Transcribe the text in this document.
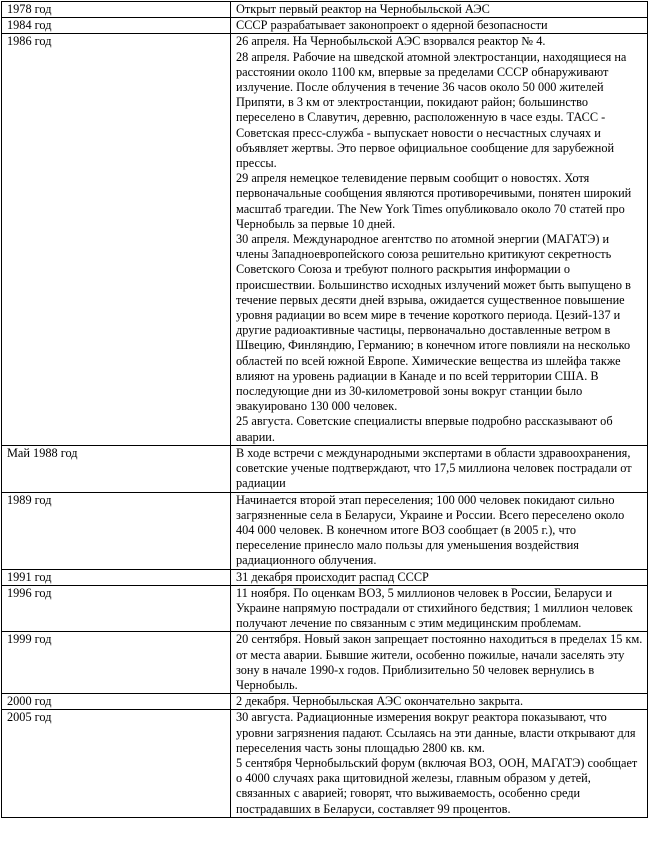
1978 год	Открыт первый реактор на Чернобыльской АЭС

1984 год	СССР разрабатывает законопроект о ядерной безопасности

1986 год	26 апреля. На Чернобыльской АЭС взорвался реактор № 4.
28 апреля. Рабочие на шведской атомной электростанции, находящиеся на расстоянии около 1100 км, впервые за пределами СССР обнаруживают излучение. После облучения в течение 36 часов около 50 000 жителей Припяти, в 3 км от электростанции, покидают район; большинство переселено в Славутич, деревню, расположенную в часе езды. ТАСС - Советская пресс-служба - выпускает новости о несчастных случаях и объявляет жертвы. Это первое официальное сообщение для зарубежной прессы.
29 апреля немецкое телевидение первым сообщит о новостях. Хотя первоначальные сообщения являются противоречивыми, понятен широкий масштаб трагедии. The New York Times опубликовало около 70 статей про Чернобыль за первые 10 дней.
30 апреля. Международное агентство по атомной энергии (МАГАТЭ) и члены Западноевропейского союза решительно критикуют секретность Советского Союза и требуют полного раскрытия информации о происшествии. Большинство исходных излучений может быть выпущено в течение первых десяти дней взрыва, ожидается существенное повышение уровня радиации во всем мире в течение короткого периода. Цезий-137 и другие радиоактивные частицы, первоначально доставленные ветром в Швецию, Финляндию, Германию; в конечном итоге повлияли на несколько областей по всей южной Европе. Химические вещества из шлейфа также влияют на уровень радиации в Канаде и по всей территории США. В последующие дни из 30-километровой зоны вокруг станции было эвакуировано 130 000 человек.
25 августа. Советские специалисты впервые подробно рассказывают об аварии.

Май 1988 год	В ходе встречи с международными экспертами в области здравоохранения, советские ученые подтверждают, что 17,5 миллиона человек пострадали от радиации

1989 год	Начинается второй этап переселения; 100 000 человек покидают сильно загрязненные села в Беларуси, Украине и России. Всего переселено около 404 000 человек. В конечном итоге ВОЗ сообщает (в 2005 г.), что переселение принесло мало пользы для уменьшения воздействия радиационного облучения.

1991 год	31 декабря происходит распад СССР

1996 год	11 ноября. По оценкам ВОЗ, 5 миллионов человек в России, Беларуси и Украине напрямую пострадали от стихийного бедствия; 1 миллион человек получают лечение по связанным с этим медицинским проблемам.

1999 год	20 сентября. Новый закон запрещает постоянно находиться в пределах 15 км. от места аварии. Бывшие жители, особенно пожилые, начали заселять эту зону в начале 1990-х годов. Приблизительно 50 человек вернулись в Чернобыль.

2000 год	2 декабря. Чернобыльская АЭС окончательно закрыта.

2005 год	30 августа. Радиационные измерения вокруг реактора показывают, что уровни загрязнения падают. Ссылаясь на эти данные, власти открывают для переселения часть зоны площадью 2800 кв. км.
5 сентября Чернобыльский форум (включая ВОЗ, ООН, МАГАТЭ) сообщает о 4000 случаях рака щитовидной железы, главным образом у детей, связанных с аварией; говорят, что выживаемость, особенно среди пострадавших в Беларуси, составляет 99 процентов.
